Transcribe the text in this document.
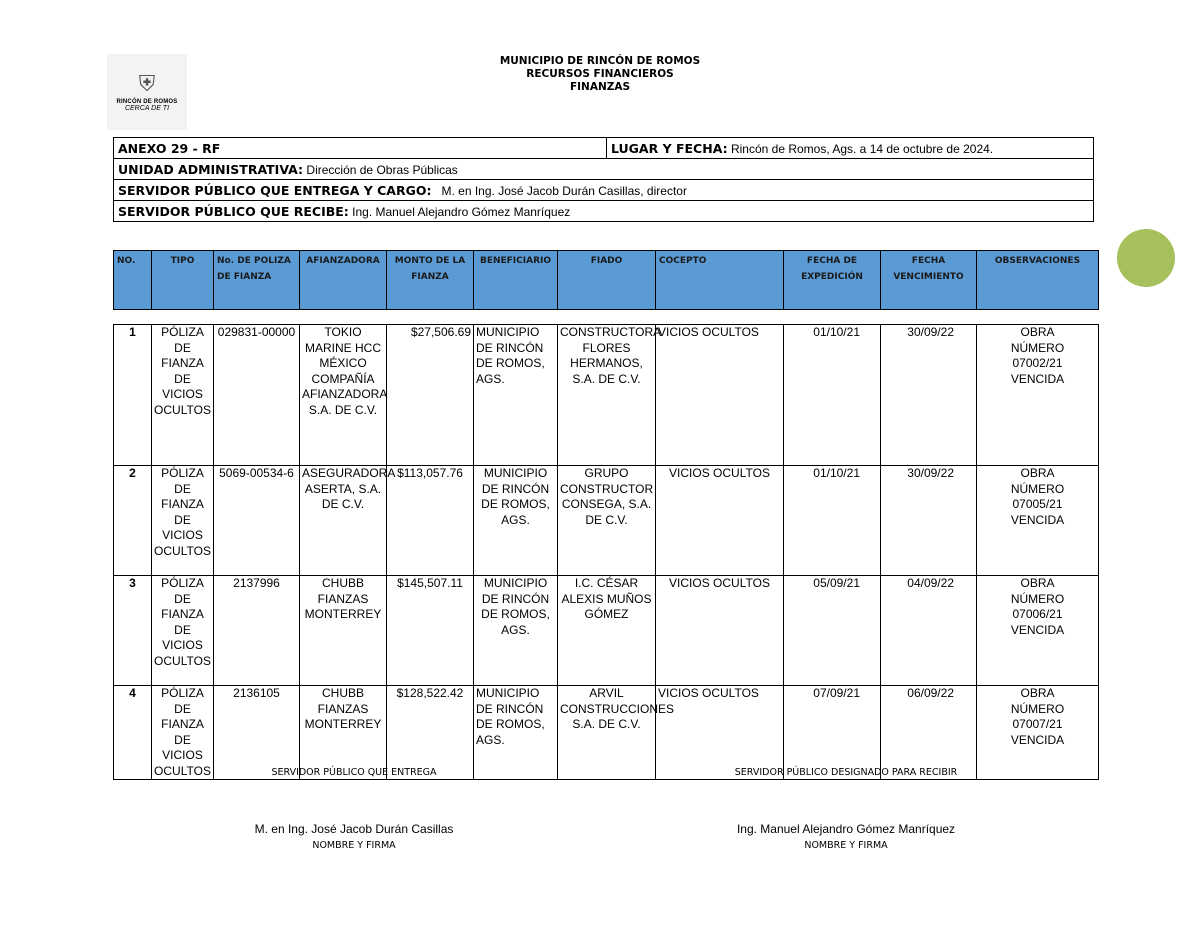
⛨
RINCÓN DE ROMOS
CERCA DE TI
MUNICIPIO DE RINCÓN DE ROMOS
RECURSOS FINANCIEROS
FINANZAS
ANEXO 29 - RF	LUGAR Y FECHA: Rincón de Romos, Ags. a 14 de octubre de 2024.
UNIDAD ADMINISTRATIVA: Dirección de Obras Públicas
SERVIDOR PÚBLICO QUE ENTREGA Y CARGO: M. en Ing. José Jacob Durán Casillas, director
SERVIDOR PÚBLICO QUE RECIBE: Ing. Manuel Alejandro Gómez Manríquez
NO.	TIPO	No. DE POLIZA DE FIANZA	AFIANZADORA	MONTO DE LA FIANZA	BENEFICIARIO	FIADO	COCEPTO	FECHA DE EXPEDICIÓN	FECHA VENCIMIENTO	OBSERVACIONES
1	PÓLIZA DE FIANZA DE VICIOS OCULTOS	029831-00000	TOKIO MARINE HCC MÉXICO COMPAÑÍA AFIANZADORA S.A. DE C.V.	$27,506.69	MUNICIPIO DE RINCÓN DE ROMOS, AGS.	CONSTRUCTORA FLORES HERMANOS, S.A. DE C.V.	VICIOS OCULTOS	01/10/21	30/09/22	OBRA NÚMERO 07002/21 VENCIDA
2	PÓLIZA DE FIANZA DE VICIOS OCULTOS	5069-00534-6	ASEGURADORA ASERTA, S.A. DE C.V.	$113,057.76	MUNICIPIO DE RINCÓN DE ROMOS, AGS.	GRUPO CONSTRUCTOR CONSEGA, S.A. DE C.V.	VICIOS OCULTOS	01/10/21	30/09/22	OBRA NÚMERO 07005/21 VENCIDA
3	PÓLIZA DE FIANZA DE VICIOS OCULTOS	2137996	CHUBB FIANZAS MONTERREY	$145,507.11	MUNICIPIO DE RINCÓN DE ROMOS, AGS.	I.C. CÉSAR ALEXIS MUÑOS GÓMEZ	VICIOS OCULTOS	05/09/21	04/09/22	OBRA NÚMERO 07006/21 VENCIDA
4	PÓLIZA DE FIANZA DE VICIOS OCULTOS	2136105	CHUBB FIANZAS MONTERREY	$128,522.42	MUNICIPIO DE RINCÓN DE ROMOS, AGS.	ARVIL CONSTRUCCIONES S.A. DE C.V.	VICIOS OCULTOS	07/09/21	06/09/22	OBRA NÚMERO 07007/21 VENCIDA
SERVIDOR PÚBLICO QUE ENTREGA	SERVIDOR PÚBLICO DESIGNADO PARA RECIBIR
M. en Ing. José Jacob Durán Casillas	Ing. Manuel Alejandro Gómez Manríquez
NOMBRE Y FIRMA	NOMBRE Y FIRMA
